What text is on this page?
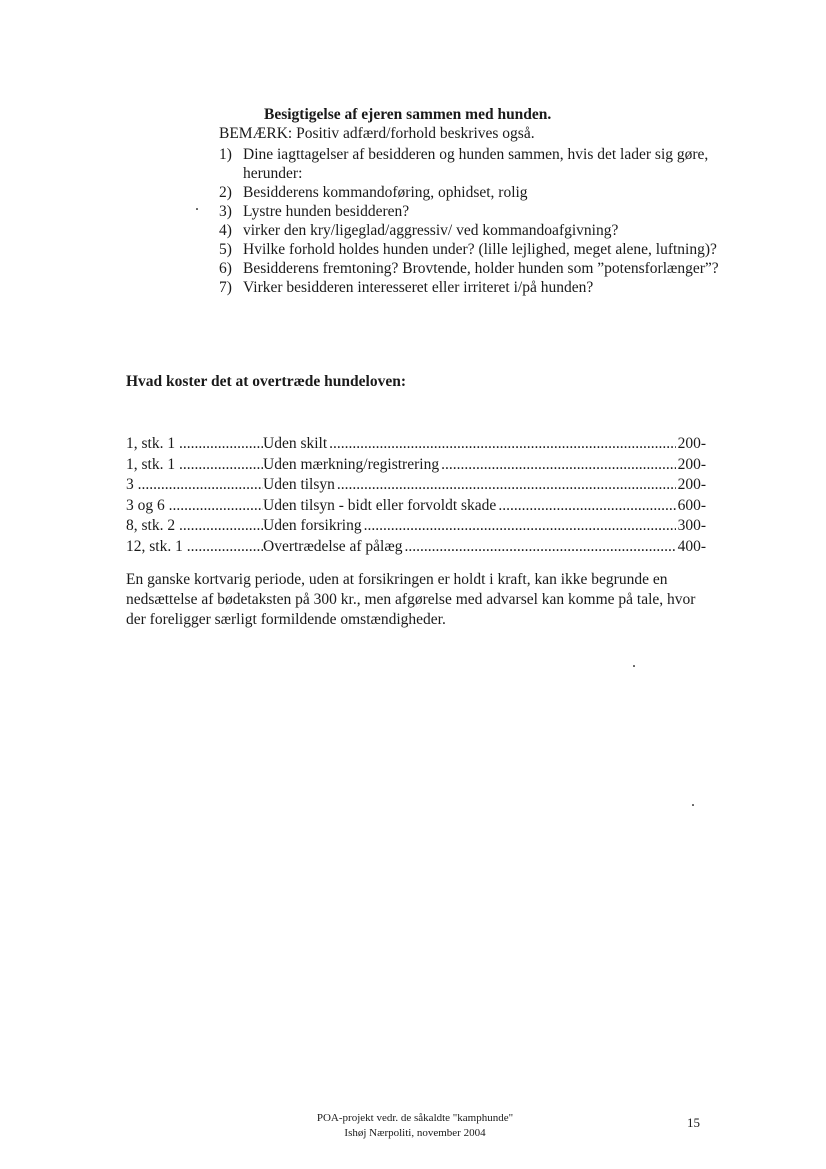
Besigtigelse af ejeren sammen med hunden.
BEMÆRK: Positiv adfærd/forhold beskrives også.
1) Dine iagttagelser af besidderen og hunden sammen, hvis det lader sig gøre, herunder:
2) Besidderens kommandoføring, ophidset, rolig
3) Lystre hunden besidderen?
4) virker den kry/ligeglad/aggressiv/ ved kommandoafgivning?
5) Hvilke forhold holdes hunden under? (lille lejlighed, meget alene, luftning)?
6) Besidderens fremtoning? Brovtende, holder hunden som ”potensforlænger”?
7) Virker besidderen interesseret eller irriteret i/på hunden?
Hvad koster det at overtræde hundeloven:
1, stk. 1 .....	Uden skilt .....	200-
1, stk. 1 .....	Uden mærkning/registrering .....	200-
3 .....	Uden tilsyn .....	200-
3 og 6 .....	Uden tilsyn - bidt eller forvoldt skade .....	600-
8, stk. 2 .....	Uden forsikring .....	300-
12, stk. 1 .....	Overtrædelse af pålæg .....	400-

En ganske kortvarig periode, uden at forsikringen er holdt i kraft, kan ikke begrunde en nedsættelse af bødetaksten på 300 kr., men afgørelse med advarsel kan komme på tale, hvor der foreligger særligt formildende omstændigheder.

POA-projekt vedr. de såkaldte "kamphunde"
Ishøj Nærpoliti, november 2004
15
